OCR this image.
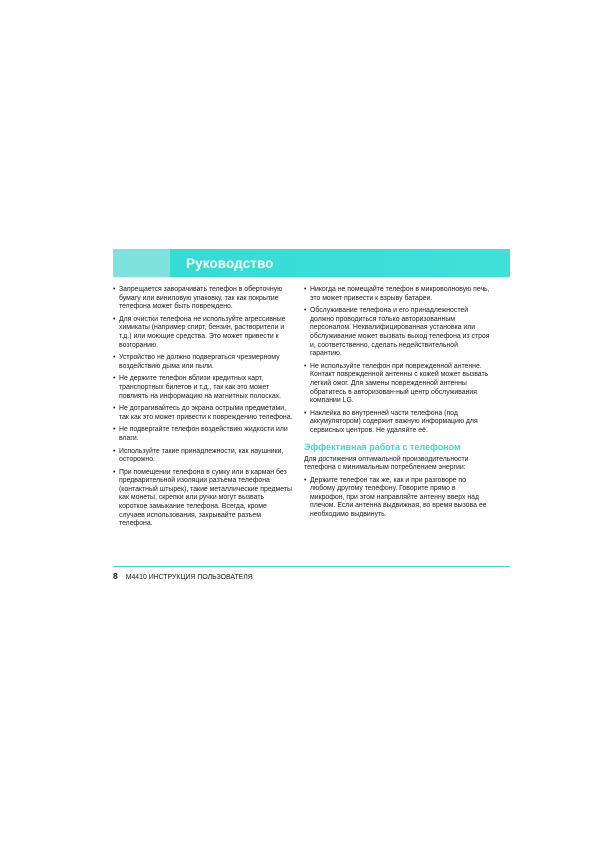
Руководство
• Запрещается заворачивать телефон в оберточную бумагу или виниловую упаковку, так как покрытие телефона может быть повреждено.
• Для очистки телефона не используйте агрессивные химикаты (например спирт, бензин, растворители и т.д.) или моющие средства. Это может привести к возгоранию.
• Устройство не должно подвергаться чрезмерному воздействию дыма или пыли.
• Не держите телефон вблизи кредитных карт, транспортных билетов и т.д., так как это может повлиять на информацию на магнитных полосках.
• Не дотрагивайтесь до экрана острыми предметами, так как это может привести к повреждению телефона.
• Не подвергайте телефон воздействию жидкости или влаги.
• Используйте такие принадлежности, как наушники, осторожно.
• При помещении телефона в сумку или в карман без предварительной изоляции разъема телефона (контактный штырек), такие металлические предметы как монеты, скрепки или ручки могут вызвать короткое замыкание телефона. Всегда, кроме случаев использования, закрывайте разъем телефона.
• Никогда не помещайте телефон в микроволновую печь, это может привести к взрыву батареи.
• Обслуживание телефона и его принадлежностей должно проводиться только авторизованным персоналом. Неквалифицированная установка или обслуживание может вызвать выход телефона из строя и, соответственно, сделать недействительной гарантию.
• Не используйте телефон при поврежденной антенне. Контакт поврежденной антенны с кожей может вызвать легкий ожог. Для замены поврежденной антенны обратитесь в авторизован-ный центр обслуживания компании LG.
• Наклейка во внутренней части телефона (под аккумулятором) содержит важную информацию для сервисных центров. Не удаляйте её.
Эффективная работа с телефоном

Для достижения оптимальной производительности телефона с минимальным потреблением энергии:

• Держите телефон так же, как и при разговоре по любому другому телефону. Говорите прямо в микрофон, при этом направляйте антенну вверх над плечом. Если антенна выдвижная, во время вызова ее необходимо выдвинуть.
8 M4410 ИНСТРУКЦИЯ ПОЛЬЗОВАТЕЛЯ
